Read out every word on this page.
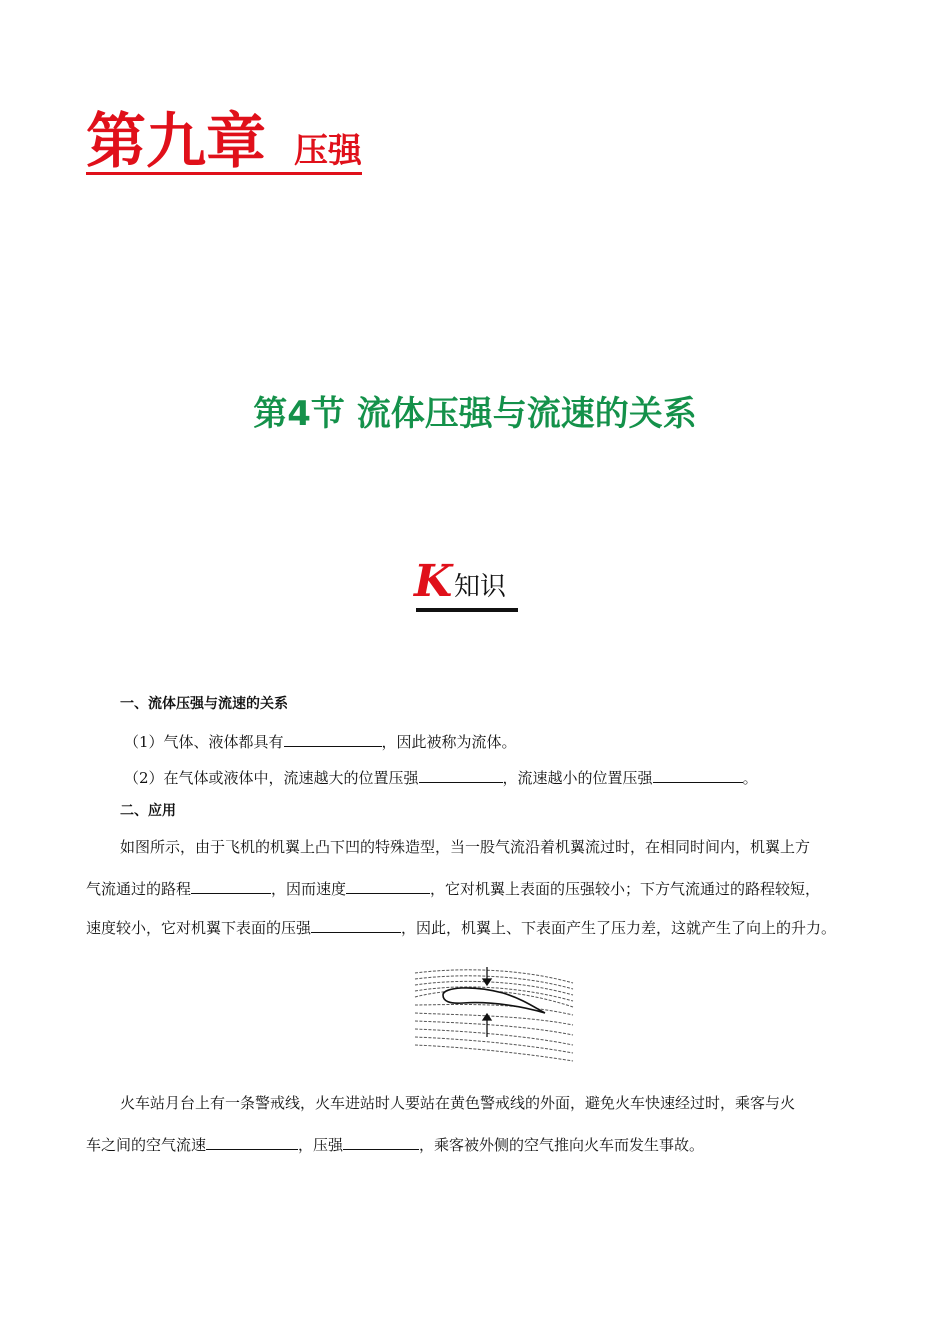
第九章 压强
第4节 流体压强与流速的关系
K 知识
一、流体压强与流速的关系
（1）气体、液体都具有	，因此被称为流体。
（2）在气体或液体中，流速越大的位置压强	，流速越小的位置压强	。
二、应用
如图所示，由于飞机的机翼上凸下凹的特殊造型，当一股气流沿着机翼流过时，在相同时间内，机翼上方
气流通过的路程	，因而速度	，它对机翼上表面的压强较小；下方气流通过的路程较短，
速度较小，它对机翼下表面的压强	，因此，机翼上、下表面产生了压力差，这就产生了向上的升力。
火车站月台上有一条警戒线，火车进站时人要站在黄色警戒线的外面，避免火车快速经过时，乘客与火
车之间的空气流速	，压强	，乘客被外侧的空气推向火车而发生事故。
